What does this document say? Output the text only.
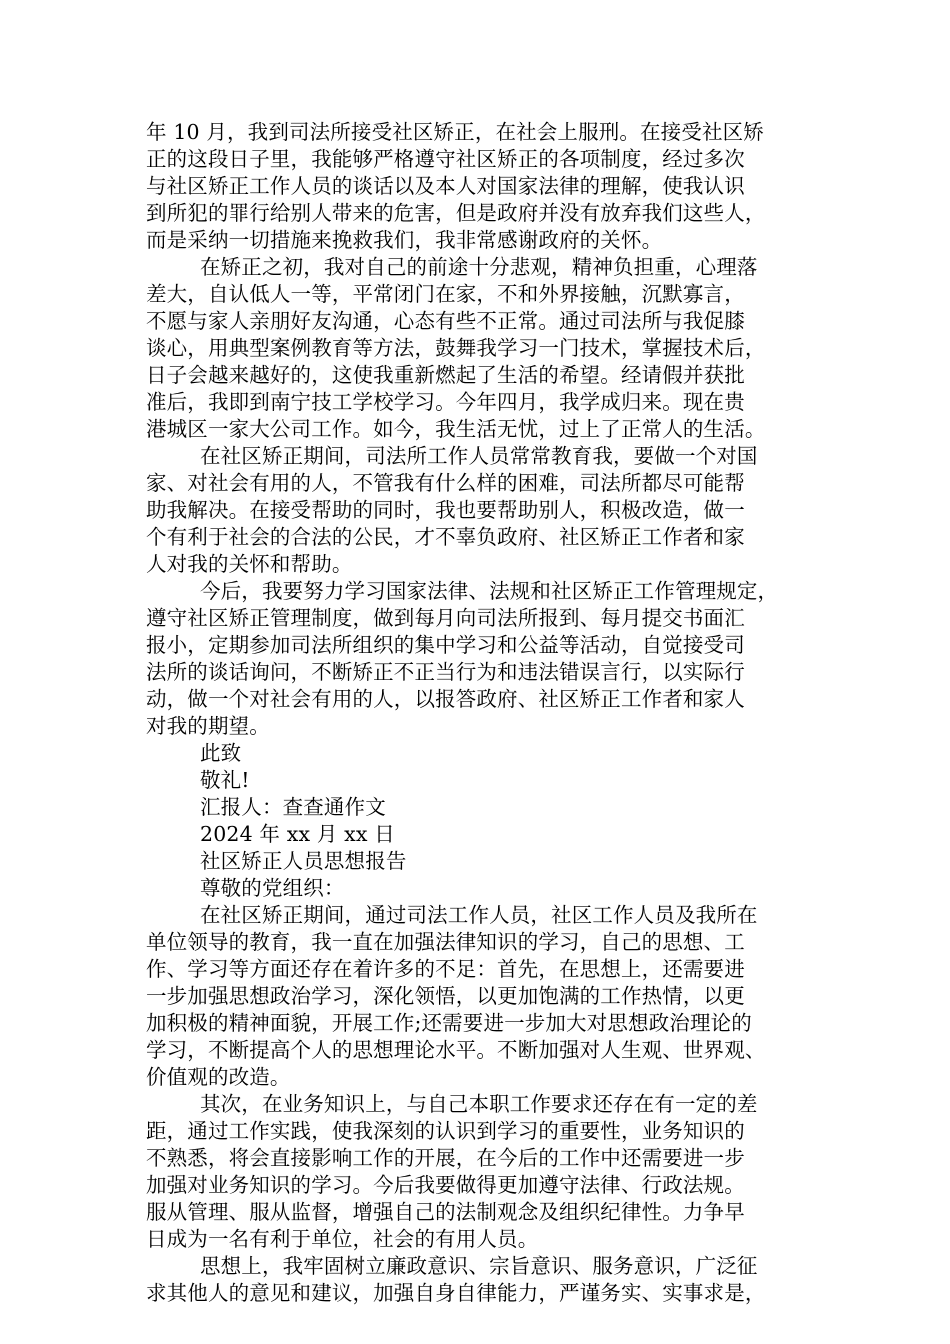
年 10 月，我到司法所接受社区矫正，在社会上服刑。在接受社区矫
正的这段日子里，我能够严格遵守社区矫正的各项制度，经过多次
与社区矫正工作人员的谈话以及本人对国家法律的理解，使我认识
到所犯的罪行给别人带来的危害，但是政府并没有放弃我们这些人，
而是采纳一切措施来挽救我们，我非常感谢政府的关怀。
在矫正之初，我对自己的前途十分悲观，精神负担重，心理落
差大，自认低人一等，平常闭门在家，不和外界接触，沉默寡言，
不愿与家人亲朋好友沟通，心态有些不正常。通过司法所与我促膝
谈心，用典型案例教育等方法，鼓舞我学习一门技术，掌握技术后，
日子会越来越好的，这使我重新燃起了生活的希望。经请假并获批
准后，我即到南宁技工学校学习。今年四月，我学成归来。现在贵
港城区一家大公司工作。如今，我生活无忧，过上了正常人的生活。
在社区矫正期间，司法所工作人员常常教育我，要做一个对国
家、对社会有用的人，不管我有什么样的困难，司法所都尽可能帮
助我解决。在接受帮助的同时，我也要帮助别人，积极改造，做一
个有利于社会的合法的公民，才不辜负政府、社区矫正工作者和家
人对我的关怀和帮助。
今后，我要努力学习国家法律、法规和社区矫正工作管理规定，
遵守社区矫正管理制度，做到每月向司法所报到、每月提交书面汇
报小，定期参加司法所组织的集中学习和公益等活动，自觉接受司
法所的谈话询问，不断矫正不正当行为和违法错误言行，以实际行
动，做一个对社会有用的人，以报答政府、社区矫正工作者和家人
对我的期望。
此致
敬礼!
汇报人：查查通作文
2024 年 xx 月 xx 日
社区矫正人员思想报告
尊敬的党组织：
在社区矫正期间，通过司法工作人员，社区工作人员及我所在
单位领导的教育，我一直在加强法律知识的学习，自己的思想、工
作、学习等方面还存在着许多的不足：首先，在思想上，还需要进
一步加强思想政治学习，深化领悟，以更加饱满的工作热情，以更
加积极的精神面貌，开展工作;还需要进一步加大对思想政治理论的
学习，不断提高个人的思想理论水平。不断加强对人生观、世界观、
价值观的改造。
其次，在业务知识上，与自己本职工作要求还存在有一定的差
距，通过工作实践，使我深刻的认识到学习的重要性，业务知识的
不熟悉，将会直接影响工作的开展，在今后的工作中还需要进一步
加强对业务知识的学习。今后我要做得更加遵守法律、行政法规。
服从管理、服从监督，增强自己的法制观念及组织纪律性。力争早
日成为一名有利于单位，社会的有用人员。
思想上，我牢固树立廉政意识、宗旨意识、服务意识，广泛征
求其他人的意见和建议，加强自身自律能力，严谨务实、实事求是，
